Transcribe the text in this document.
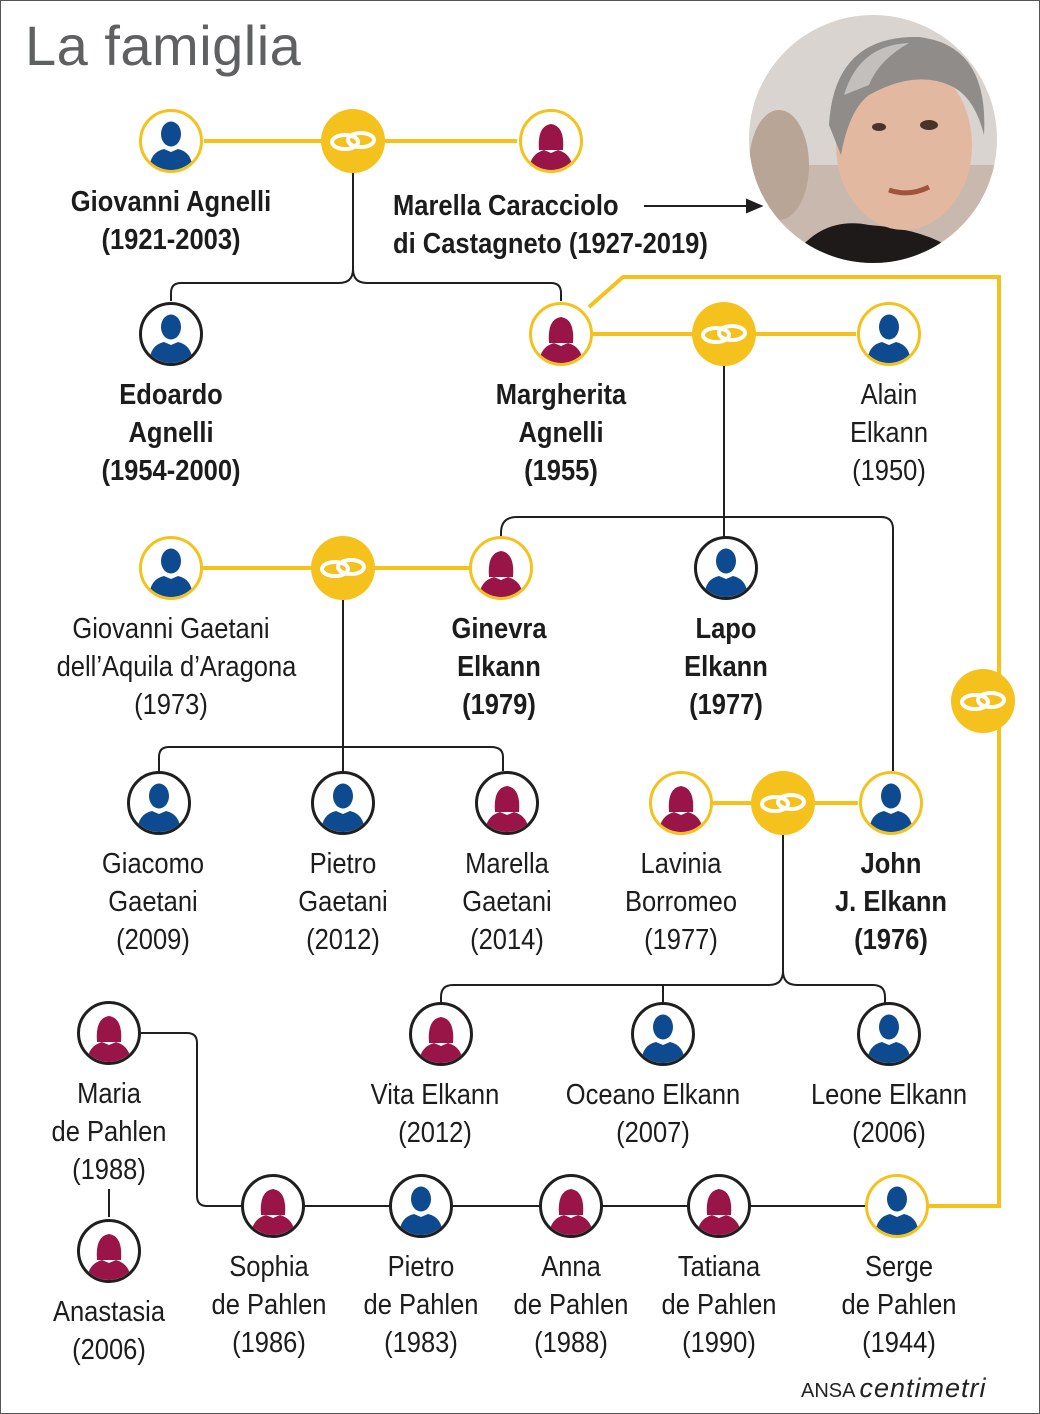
La famiglia
Giovanni Agnelli
(1921-2003)
Edoardo
Agnelli
(1954-2000)
Margherita
Agnelli
(1955)
Alain
Elkann
(1950)
Giovanni Gaetani
dell’Aquila d’Aragona
(1973)
Ginevra
Elkann
(1979)
Lapo
Elkann
(1977)
Giacomo
Gaetani
(2009)
Pietro
Gaetani
(2012)
Marella
Gaetani
(2014)
Lavinia
Borromeo
(1977)
John
J. Elkann
(1976)
Vita Elkann
(2012)
Oceano Elkann
(2007)
Leone Elkann
(2006)
Maria
de Pahlen
(1988)
Anastasia
(2006)
Sophia
de Pahlen
(1986)
Pietro
de Pahlen
(1983)
Anna
de Pahlen
(1988)
Tatiana
de Pahlen
(1990)
Serge
de Pahlen
(1944)
Marella Caracciolo
di Castagneto (1927-2019)
ANSA centimetri
